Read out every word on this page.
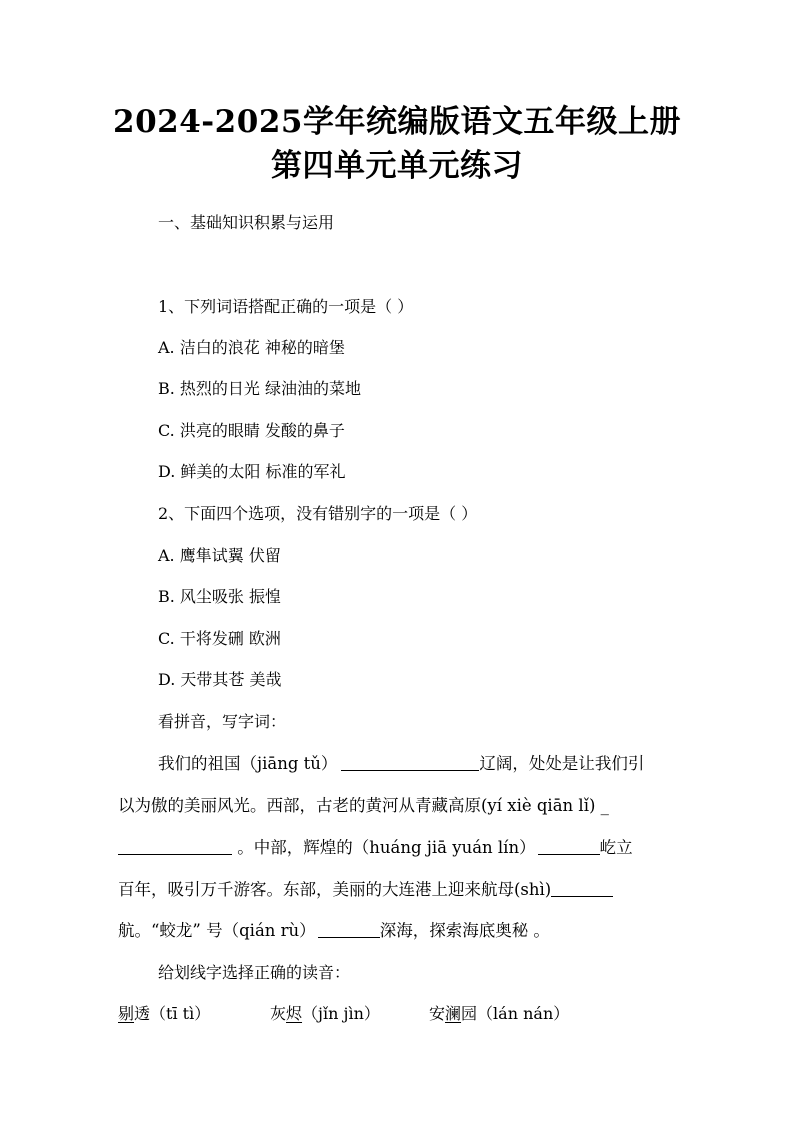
2024-2025学年统编版语文五年级上册
第四单元单元练习
一、基础知识积累与运用
1、下列词语搭配正确的一项是（ ）
A. 洁白的浪花 神秘的暗堡
B. 热烈的日光 绿油油的菜地
C. 洪亮的眼睛 发酸的鼻子
D. 鲜美的太阳 标准的军礼
2、下面四个选项，没有错别字的一项是（ ）
A. 鹰隼试翼 伏留
B. 风尘吸张 振惶
C. 干将发硎 欧洲
D. 天带其苍 美哉
看拼音，写字词：
我们的祖国（jiāng tǔ）	辽阔，处处是让我们引
以为傲的美丽风光。西部，古老的黄河从青藏高原(yí xiè qiān lǐ) _
。中部，辉煌的（huáng jiā yuán lín）	屹立
百年，吸引万千游客。东部，美丽的大连港上迎来航母(shì)
航。“蛟龙” 号（qián rù）	深海，探索海底奥秘 。
给划线字选择正确的读音：
剔透（tī tì）	灰烬（jǐn jìn）	安澜园（lán nán）
